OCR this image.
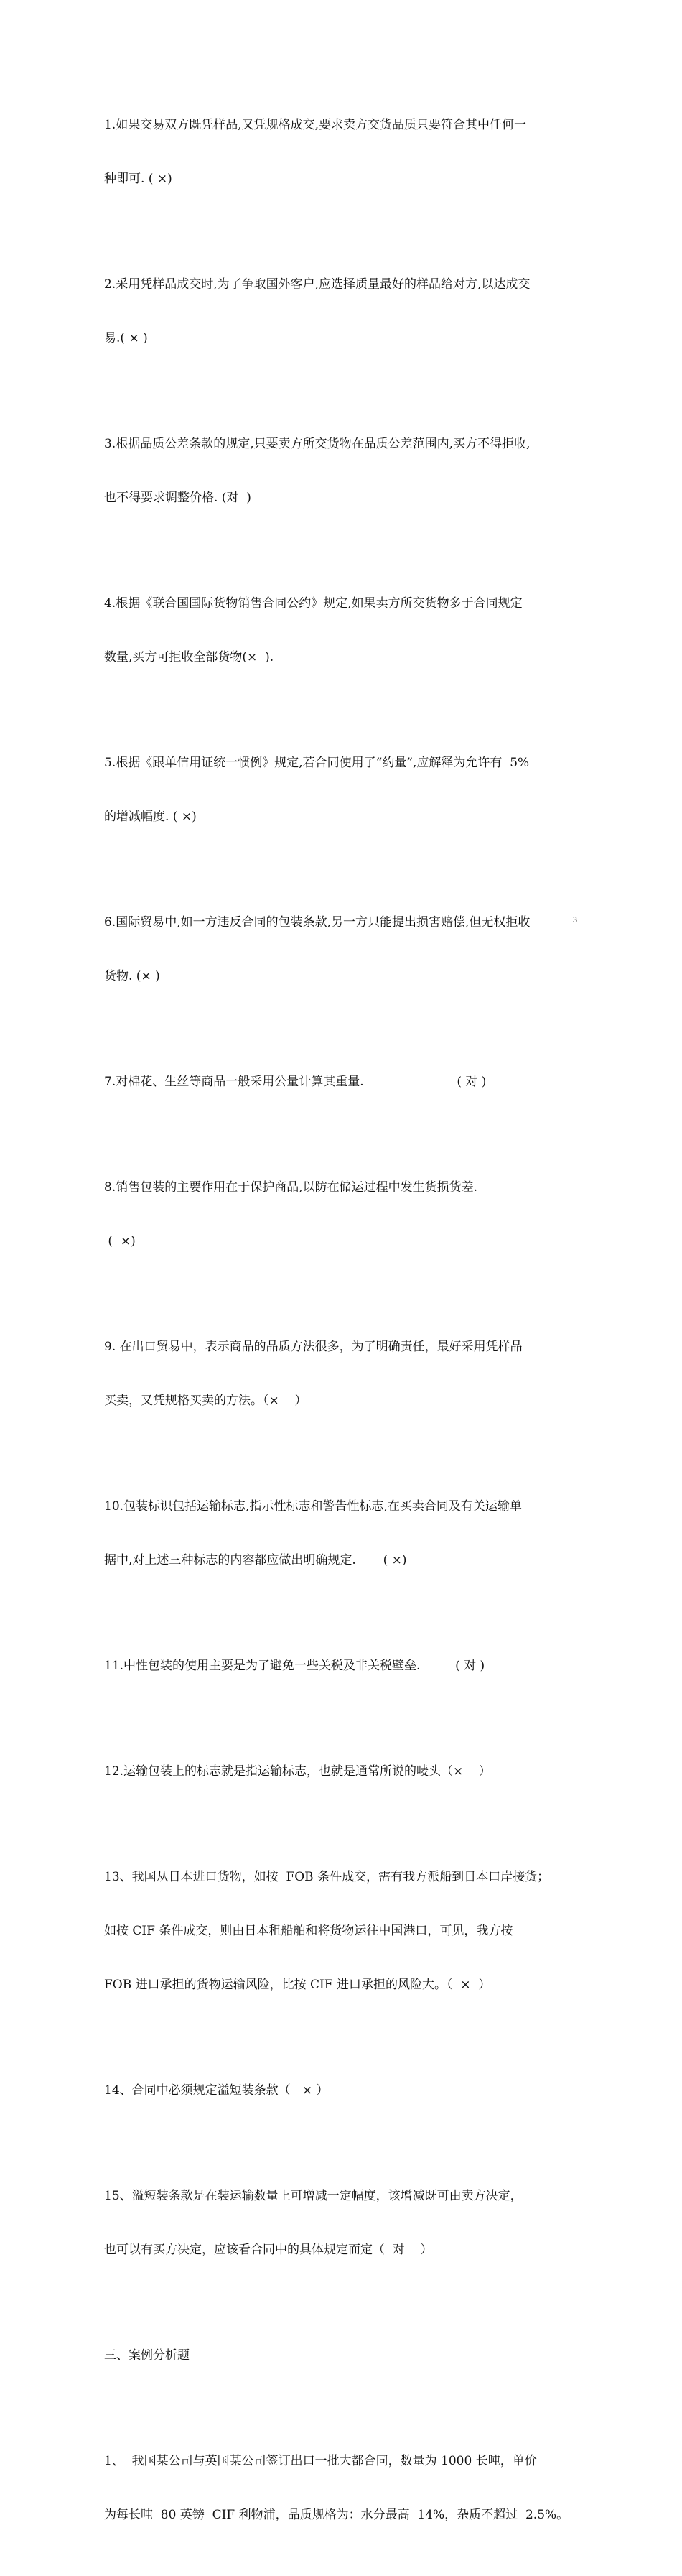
1.如果交易双方既凭样品,又凭规格成交,要求卖方交货品质只要符合其中任何一

种即可. ( ×)

2.采用凭样品成交时,为了争取国外客户,应选择质量最好的样品给对方,以达成交

易.( × )

3.根据品质公差条款的规定,只要卖方所交货物在品质公差范围内,买方不得拒收,

也不得要求调整价格. (对  )

4.根据《联合国国际货物销售合同公约》规定,如果卖方所交货物多于合同规定

数量,买方可拒收全部货物(×  ).

5.根据《跟单信用证统一惯例》规定,若合同使用了“约量”,应解释为允许有  5%

的增减幅度. ( ×)

6.国际贸易中,如一方违反合同的包装条款,另一方只能提出损害赔偿,但无权拒收

货物. (× )

7.对棉花、生丝等商品一般采用公量计算其重量.                        ( 对 )

8.销售包装的主要作用在于保护商品,以防在储运过程中发生货损货差.

(  ×)

9. 在出口贸易中，表示商品的品质方法很多，为了明确责任，最好采用凭样品

买卖，又凭规格买卖的方法。（×    ）

10.包装标识包括运输标志,指示性标志和警告性标志,在买卖合同及有关运输单

据中,对上述三种标志的内容都应做出明确规定.       ( ×)

11.中性包装的使用主要是为了避免一些关税及非关税壁垒.         ( 对 )

12.运输包装上的标志就是指运输标志，也就是通常所说的唛头（×    ）

13、我国从日本进口货物，如按  FOB 条件成交，需有我方派船到日本口岸接货；

如按 CIF 条件成交，则由日本租船舶和将货物运往中国港口，可见，我方按

FOB 进口承担的货物运输风险，比按 CIF 进口承担的风险大。（  ×  ）

14、合同中必须规定溢短装条款（   × ）

15、溢短装条款是在装运输数量上可增减一定幅度，该增减既可由卖方决定，

也可以有买方决定，应该看合同中的具体规定而定（  对    ）

三、案例分析题

1、  我国某公司与英国某公司签订出口一批大都合同，数量为 1000 长吨，单价

为每长吨  80 英镑  CIF 利物浦，品质规格为：水分最高  14%，杂质不超过  2.5%。

3
